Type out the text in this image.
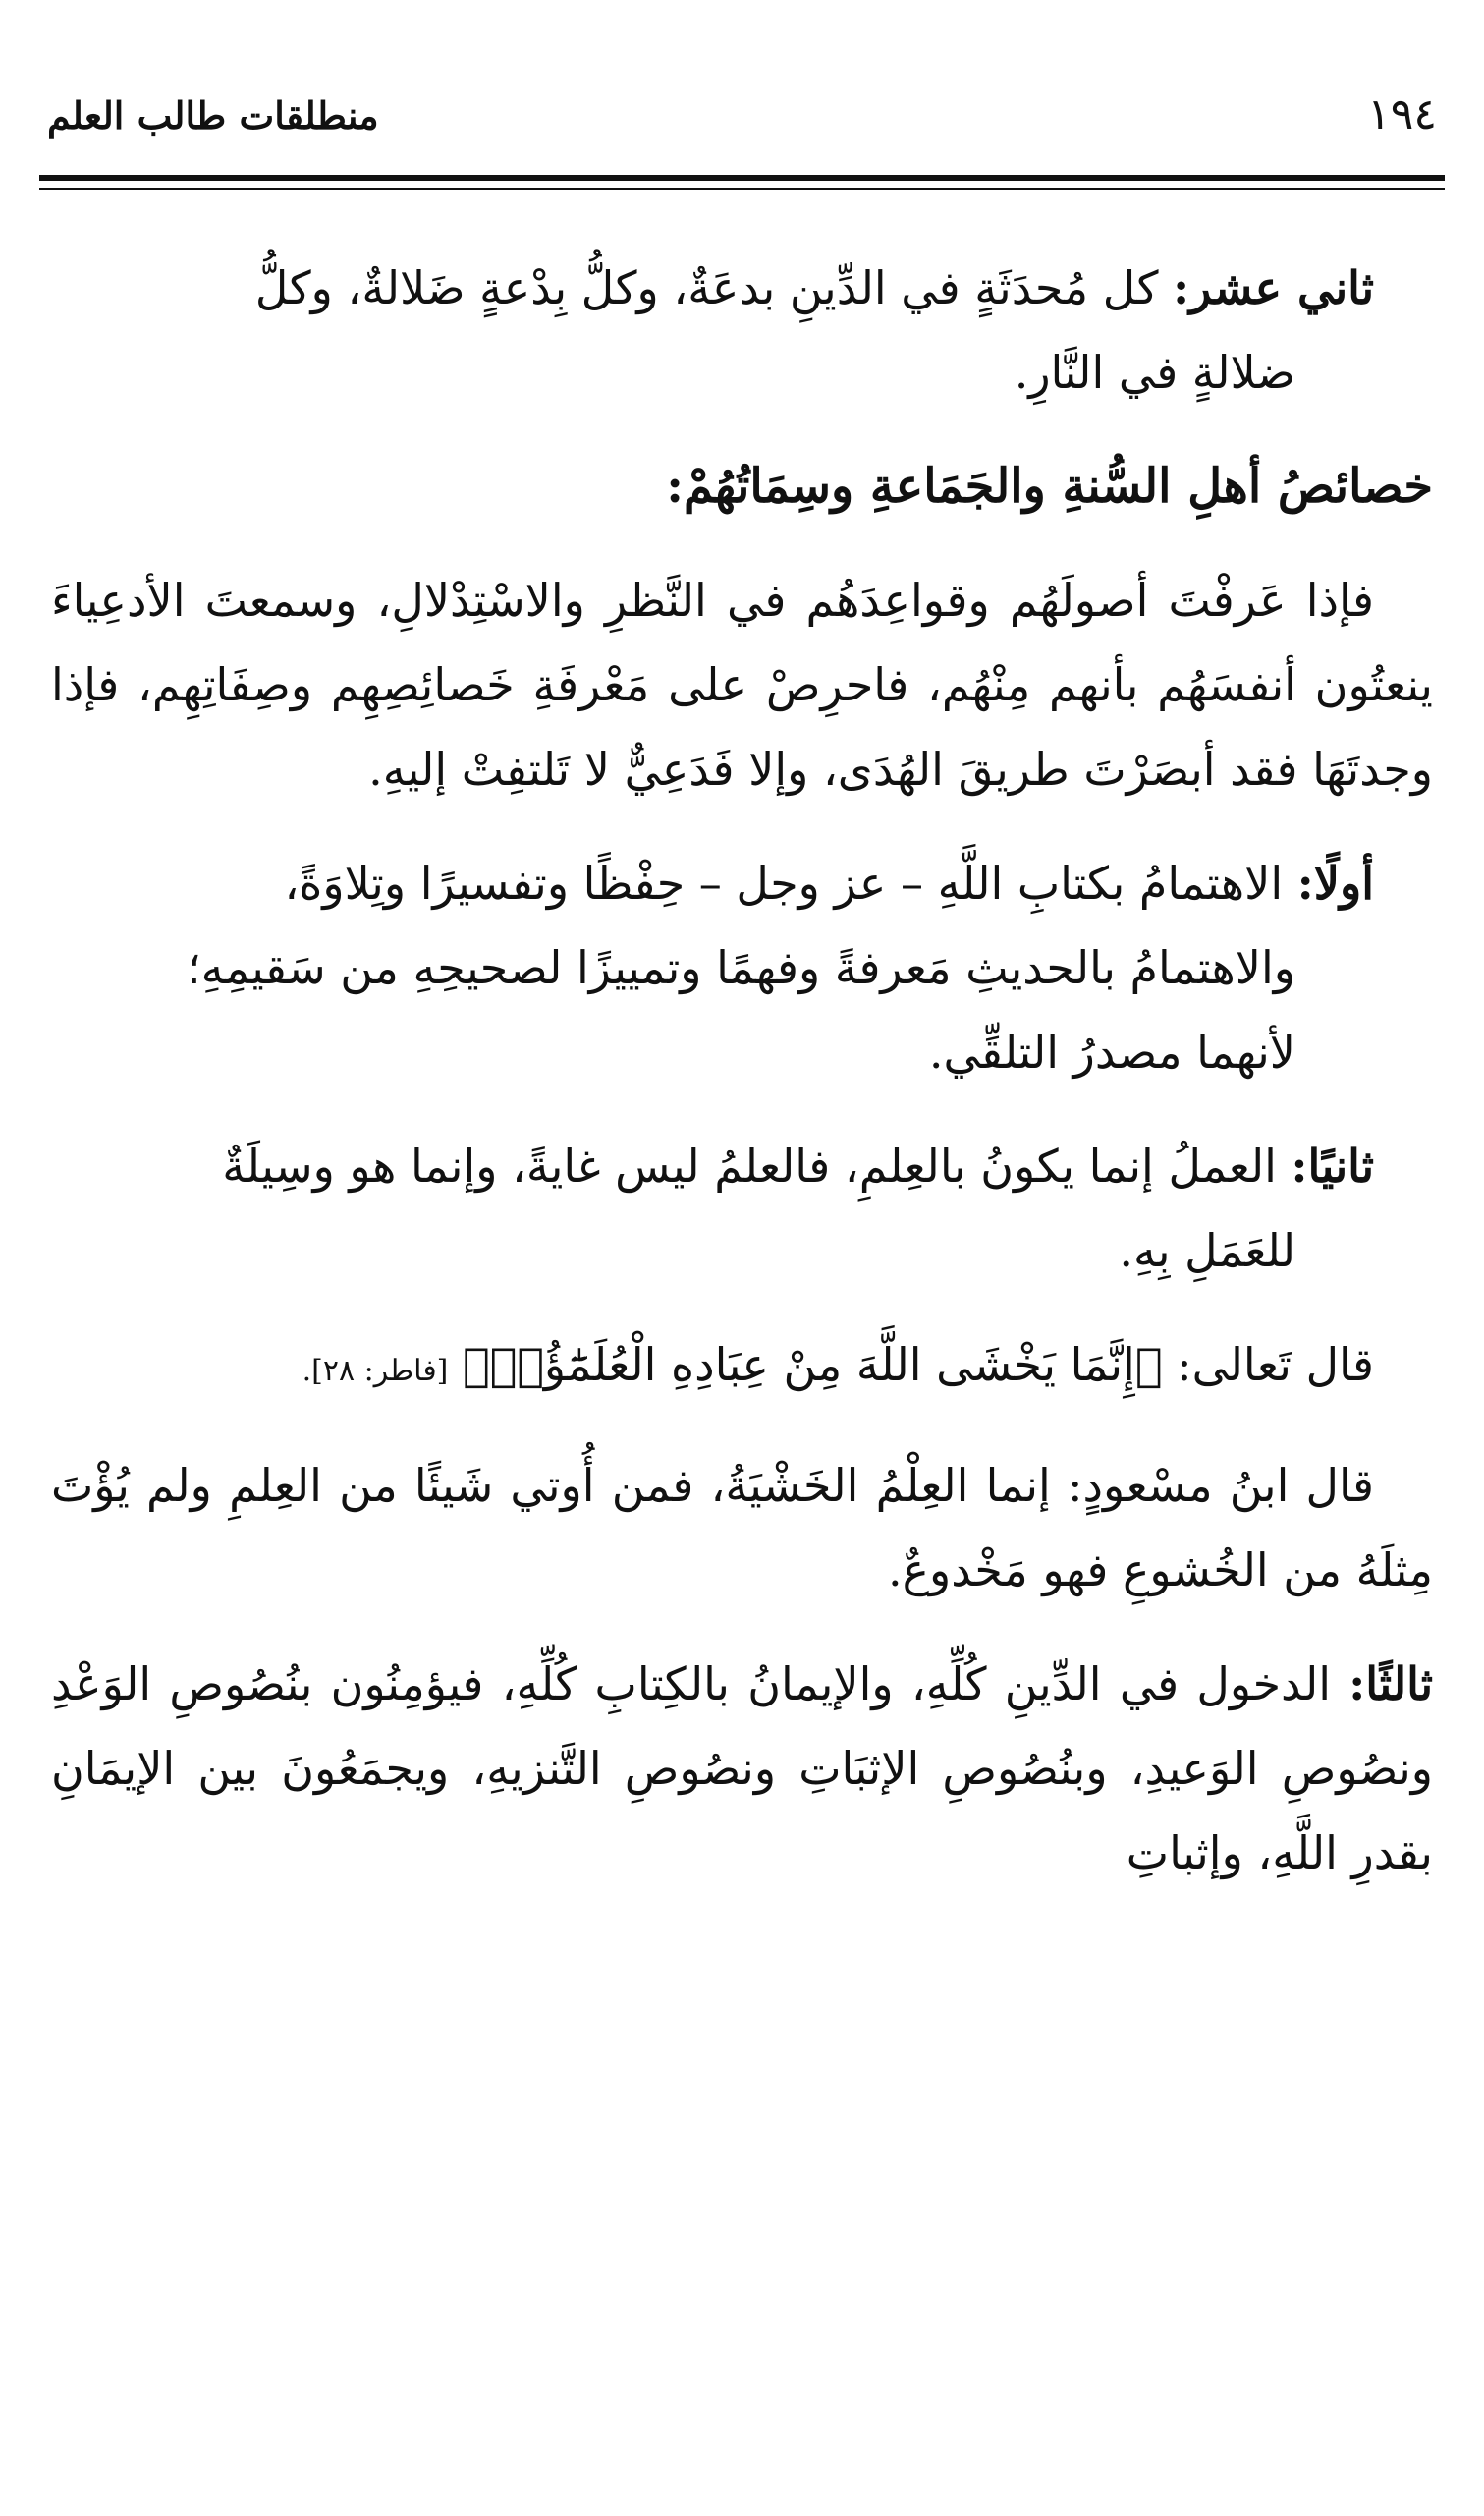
منطلقات طالب العلم	١٩٤
ثاني عشر: كل مُحدَثَةٍ في الدِّينِ بدعَةٌ، وكلُّ بِدْعةٍ ضَلالةٌ، وكلُّ
ضلالةٍ في النَّارِ.
خصائصُ أهلِ السُّنةِ والجَمَاعةِ وسِمَاتُهُمْ:
فإذا عَرفْتَ أصولَهُم وقواعِدَهُم في النَّظرِ والاسْتِدْلالِ، وسمعتَ الأدعِياءَ ينعتُون أنفسَهُم بأنهم مِنْهُم، فاحرِصْ على مَعْرفَةِ خَصائِصِهِم وصِفَاتِهِم، فإذا وجدتَهَا فقد أبصَرْتَ طريقَ الهُدَى، وإلا فَدَعِيٌّ لا تَلتفِتْ إليهِ.
أولًا: الاهتمامُ بكتابِ اللَّهِ – عز وجل – حِفْظًا وتفسيرًا وتِلاوَةً،
والاهتمامُ بالحديثِ مَعرفةً وفهمًا وتمييزًا لصحيحِهِ من سَقيمِهِ؛
لأنهما مصدرُ التلقِّي.
ثانيًا: العملُ إنما يكونُ بالعِلمِ، فالعلمُ ليس غايةً، وإنما هو وسِيلَةٌ
للعَمَلِ بِهِ.
قال تَعالى: ﴿إِنَّمَا يَخْشَى اللَّهَ مِنْ عِبَادِهِ الْعُلَمَٰٓؤُا۟﴾ [فاطر: ٢٨].
قال ابنُ مسْعودٍ: إنما العِلْمُ الخَشْيَةُ، فمن أُوتي شَيئًا من العِلمِ ولم يُؤْتَ مِثلَهُ من الخُشوعِ فهو مَخْدوعٌ.
ثالثًا: الدخول في الدِّينِ كُلِّهِ، والإيمانُ بالكِتابِ كُلِّهِ، فيؤمِنُون بنُصُوصِ الوَعْدِ ونصُوصِ الوَعيدِ، وبنُصُوصِ الإثبَاتِ ونصُوصِ التَّنزيهِ، ويجمَعُونَ بين الإيمَانِ بقدرِ اللَّهِ، وإثباتِ
